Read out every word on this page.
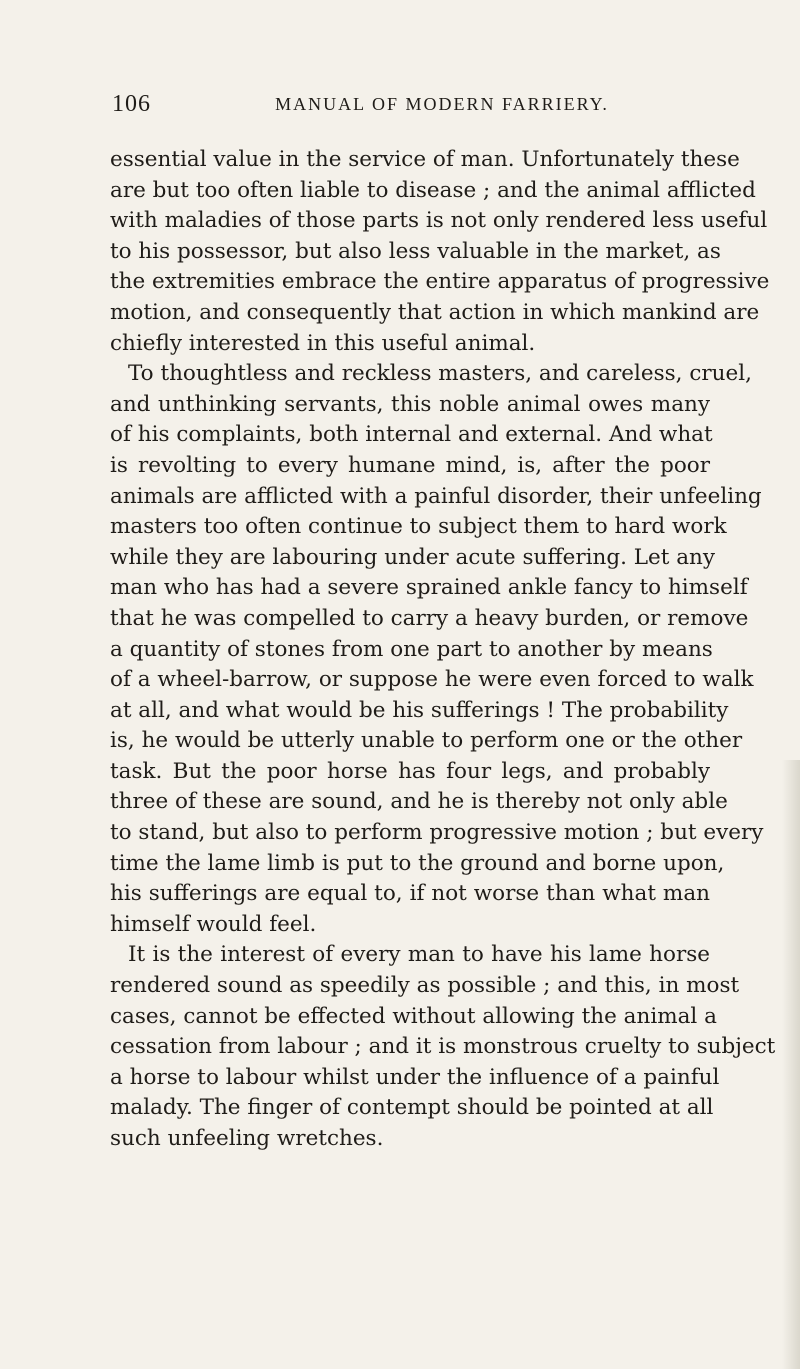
106	MANUAL OF MODERN FARRIERY.
essential value in the service of man. Unfortunately these
are but too often liable to disease ; and the animal afflicted
with maladies of those parts is not only rendered less useful
to his possessor, but also less valuable in the market, as
the extremities embrace the entire apparatus of progressive
motion, and consequently that action in which mankind are
chiefly interested in this useful animal.
To thoughtless and reckless masters, and careless, cruel,
and unthinking servants, this noble animal owes many
of his complaints, both internal and external. And what
is revolting to every humane mind, is, after the poor
animals are afflicted with a painful disorder, their unfeeling
masters too often continue to subject them to hard work
while they are labouring under acute suffering. Let any
man who has had a severe sprained ankle fancy to himself
that he was compelled to carry a heavy burden, or remove
a quantity of stones from one part to another by means
of a wheel-barrow, or suppose he were even forced to walk
at all, and what would be his sufferings ! The probability
is, he would be utterly unable to perform one or the other
task. But the poor horse has four legs, and probably
three of these are sound, and he is thereby not only able
to stand, but also to perform progressive motion ; but every
time the lame limb is put to the ground and borne upon,
his sufferings are equal to, if not worse than what man
himself would feel.
It is the interest of every man to have his lame horse
rendered sound as speedily as possible ; and this, in most
cases, cannot be effected without allowing the animal a
cessation from labour ; and it is monstrous cruelty to subject
a horse to labour whilst under the influence of a painful
malady. The finger of contempt should be pointed at all
such unfeeling wretches.
